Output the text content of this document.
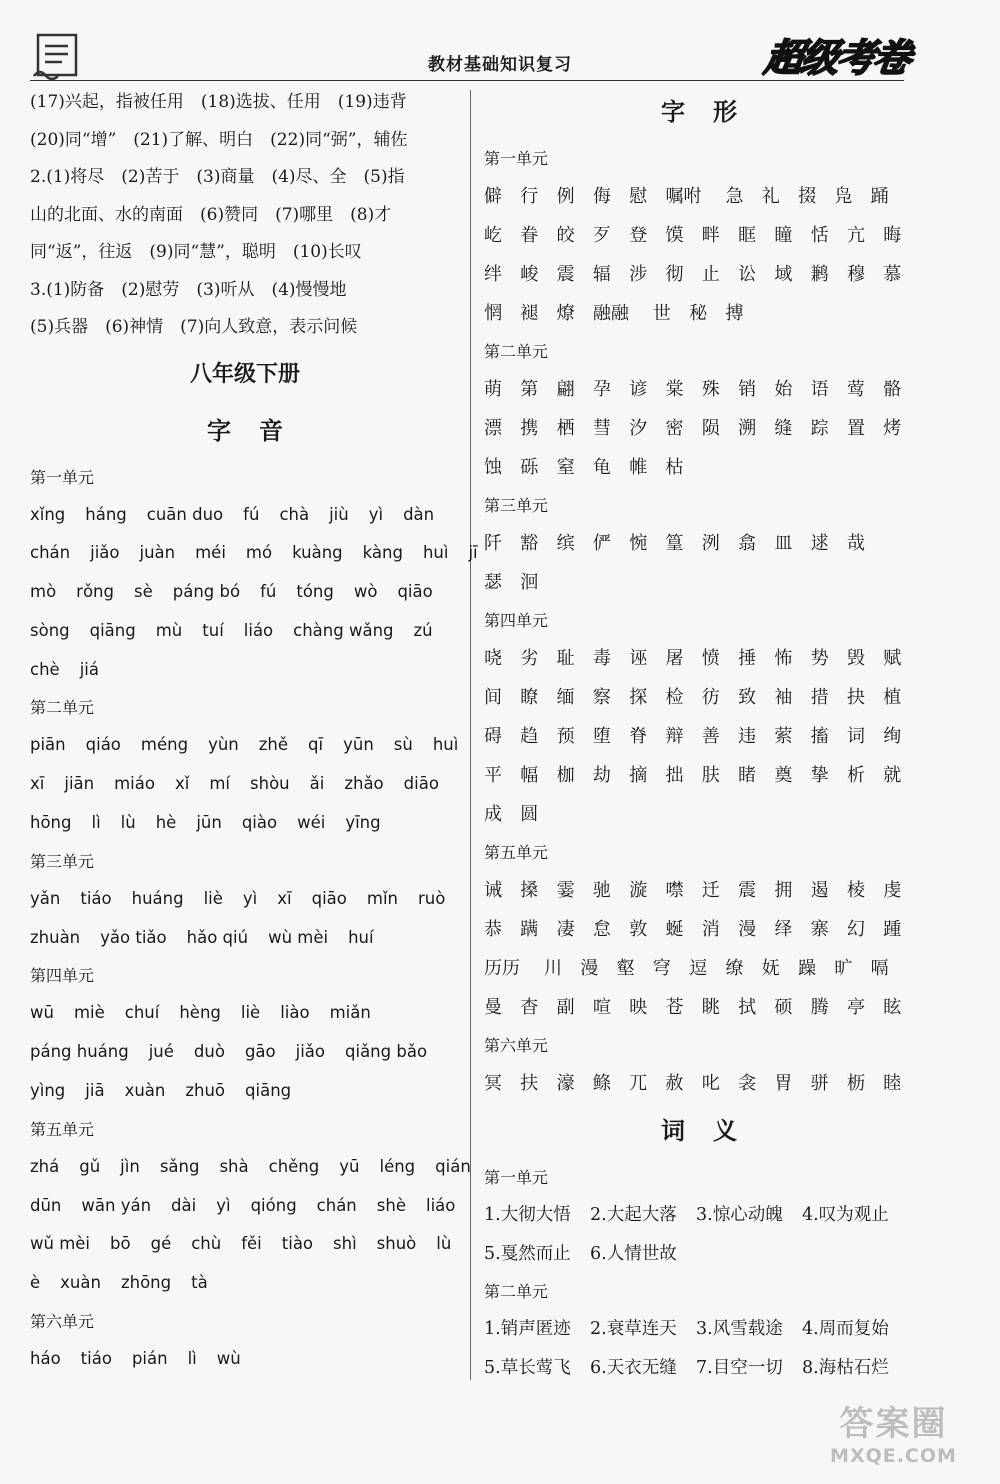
教材基础知识复习	超级考卷
(17)兴起，指被任用　(18)选拔、任用　(19)违背
(20)同“增”　(21)了解、明白　(22)同“弼”，辅佐
2.(1)将尽　(2)苦于　(3)商量　(4)尽、全　(5)指
山的北面、水的南面　(6)赞同　(7)哪里　(8)才
同“返”，往返　(9)同“慧”，聪明　(10)长叹
3.(1)防备　(2)慰劳　(3)听从　(4)慢慢地
(5)兵器　(6)神情　(7)向人致意，表示问候
八年级下册
字音
第一单元
xǐng háng cuān duo fú chà jiù yì dàn
chán jiǎo juàn méi mó kuàng kàng huì jī
mò rǒng sè páng bó fú tóng wò qiāo
sòng qiāng mù tuí liáo chàng wǎng zú
chè jiá
第二单元
piān qiáo méng yùn zhě qī yūn sù huì
xī jiān miáo xǐ mí shòu ǎi zhǎo diāo
hōng lì lù hè jūn qiào wéi yīng
第三单元
yǎn tiáo huáng liè yì xī qiāo mǐn ruò
zhuàn yǎo tiǎo hǎo qiú wù mèi huí
第四单元
wū miè chuí hèng liè liào miǎn
páng huáng jué duò gāo jiǎo qiǎng bǎo
yìng jiā xuàn zhuō qiāng
第五单元
zhá gǔ jìn sǎng shà chěng yū léng qián
dūn wān yán dài yì qióng chán shè liáo
wǔ mèi bō gé chù fěi tiào shì shuò lù
è xuàn zhōng tà
第六单元
háo tiáo pián lì wù
字形
第一单元
僻 行 例 侮 慰 嘱咐 急 礼 掇 凫 踊
屹 眷 皎 歹 登 馍 畔 眶 瞳 恬 亢 晦
绊 峻 震 辐 涉 彻 止 讼 域 鹣 穆 慕
惘 褪 燎 融融 世 秘 搏
第二单元
萌 第 翩 孕 谚 棠 殊 销 始 语 莺 骼
漂 携 栖 彗 汐 密 陨 溯 缝 踪 置 烤
蚀 砾 窒 龟 帷 枯
第三单元
阡 豁 缤 俨 惋 篁 洌 翕 皿 逑 哉
瑟 洄
第四单元
哓 劣 耻 毒 诬 屠 愤 捶 怖 势 毁 赋
间 瞭 缅 察 探 检 彷 致 袖 措 抉 植
碍 趋 预 堕 脊 辩 善 违 萦 搐 词 绚
平 幅 枷 劫 摘 拙 肤 睹 奠 挚 析 就
成 圆
第五单元
诫 搡 霎 驰 漩 噤 迁 震 拥 遏 棱 虔
恭 蹒 凄 怠 敦 蜒 消 漫 绎 寨 幻 踵
历历 川 漫 壑 穹 逗 缭 妩 躁 旷 嗝
曼 杳 副 喧 映 苍 眺 拭 硕 腾 亭 眩
第六单元
冥 扶 濠 鲦 兀 赦 叱 衾 胃 骈 枥 睦
词义
第一单元
1.大彻大悟 2.大起大落 3.惊心动魄 4.叹为观止
5.戛然而止 6.人情世故
第二单元
1.销声匿迹 2.衰草连天 3.风雪载途 4.周而复始
5.草长莺飞 6.天衣无缝 7.目空一切 8.海枯石烂
答案圈
MXQE.COM
